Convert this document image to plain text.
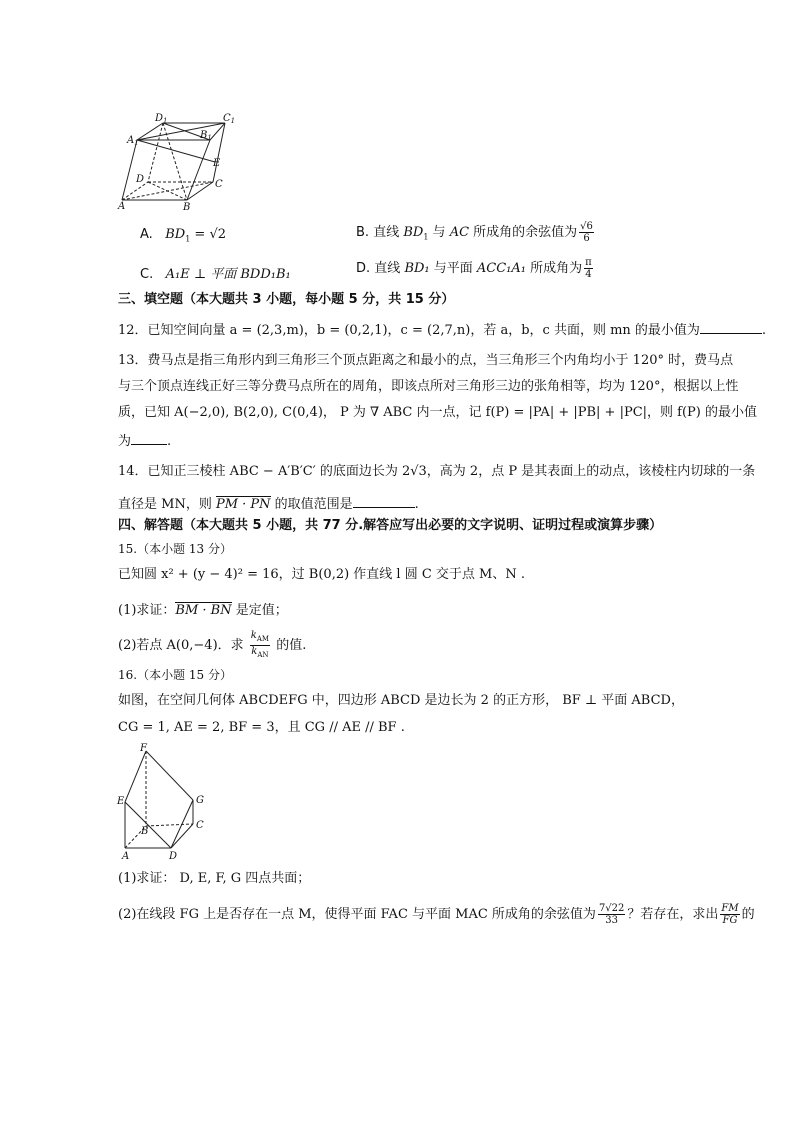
$D_1$	$C_1$
$A_1$
$B_1$
E
D	C
A	B
A. $BD_1 = √2$	B. 直线 $BD_1$ 与 AC 所成角的余弦值为 $\frac{√6}{6}$
C. A₁E ⊥ 平面 BDD₁B₁	D. 直线 BD₁ 与平面 ACC₁A₁ 所成角为 $\frac{\pi}{4}$
三、填空题（本大题共 3 小题，每小题 5 分，共 15 分）
12．已知空间向量 a = (2,3,m)，b = (0,2,1)，c = (2,7,n)，若 a，b，c 共面，则 mn 的最小值为	.
13．费马点是指三角形内到三角形三个顶点距离之和最小的点，当三角形三个内角均小于 120° 时，费马点
与三个顶点连线正好三等分费马点所在的周角，即该点所对三角形三边的张角相等，均为 120°，根据以上性
质，已知 A(−2,0), B(2,0), C(0,4)， P 为 ∇ ABC 内一点，记 f(P) = |PA| + |PB| + |PC|，则 f(P) 的最小值
为	.
14．已知正三棱柱 ABC − A′B′C′ 的底面边长为 2√3，高为 2，点 P 是其表面上的动点，该棱柱内切球的一条
直径是 MN，则 PM · PN 的取值范围是	.
四、解答题（本大题共 5 小题，共 77 分.解答应写出必要的文字说明、证明过程或演算步骤）
15.（本小题 13 分）
已知圆 x² + (y − 4)² = 16，过 B(0,2) 作直线 l 圆 C 交于点 M、N .
(1)求证：BM · BN 是定值；
(2)若点 A(0,−4)．求 $\frac{k_{AM}}{k_{AN}}$ 的值.
16.（本小题 15 分）
如图，在空间几何体 ABCDEFG 中，四边形 ABCD 是边长为 2 的正方形， BF ⊥ 平面 ABCD，
CG = 1, AE = 2, BF = 3，且 CG // AE // BF .
F
E	G
B
C
A	D
(1)求证： D, E, F, G 四点共面；
(2)在线段 FG 上是否存在一点 M，使得平面 FAC 与平面 MAC 所成角的余弦值为 $\frac{7√22}{33}$ ？若存在，求出 $\frac{FM}{FG}$ 的
